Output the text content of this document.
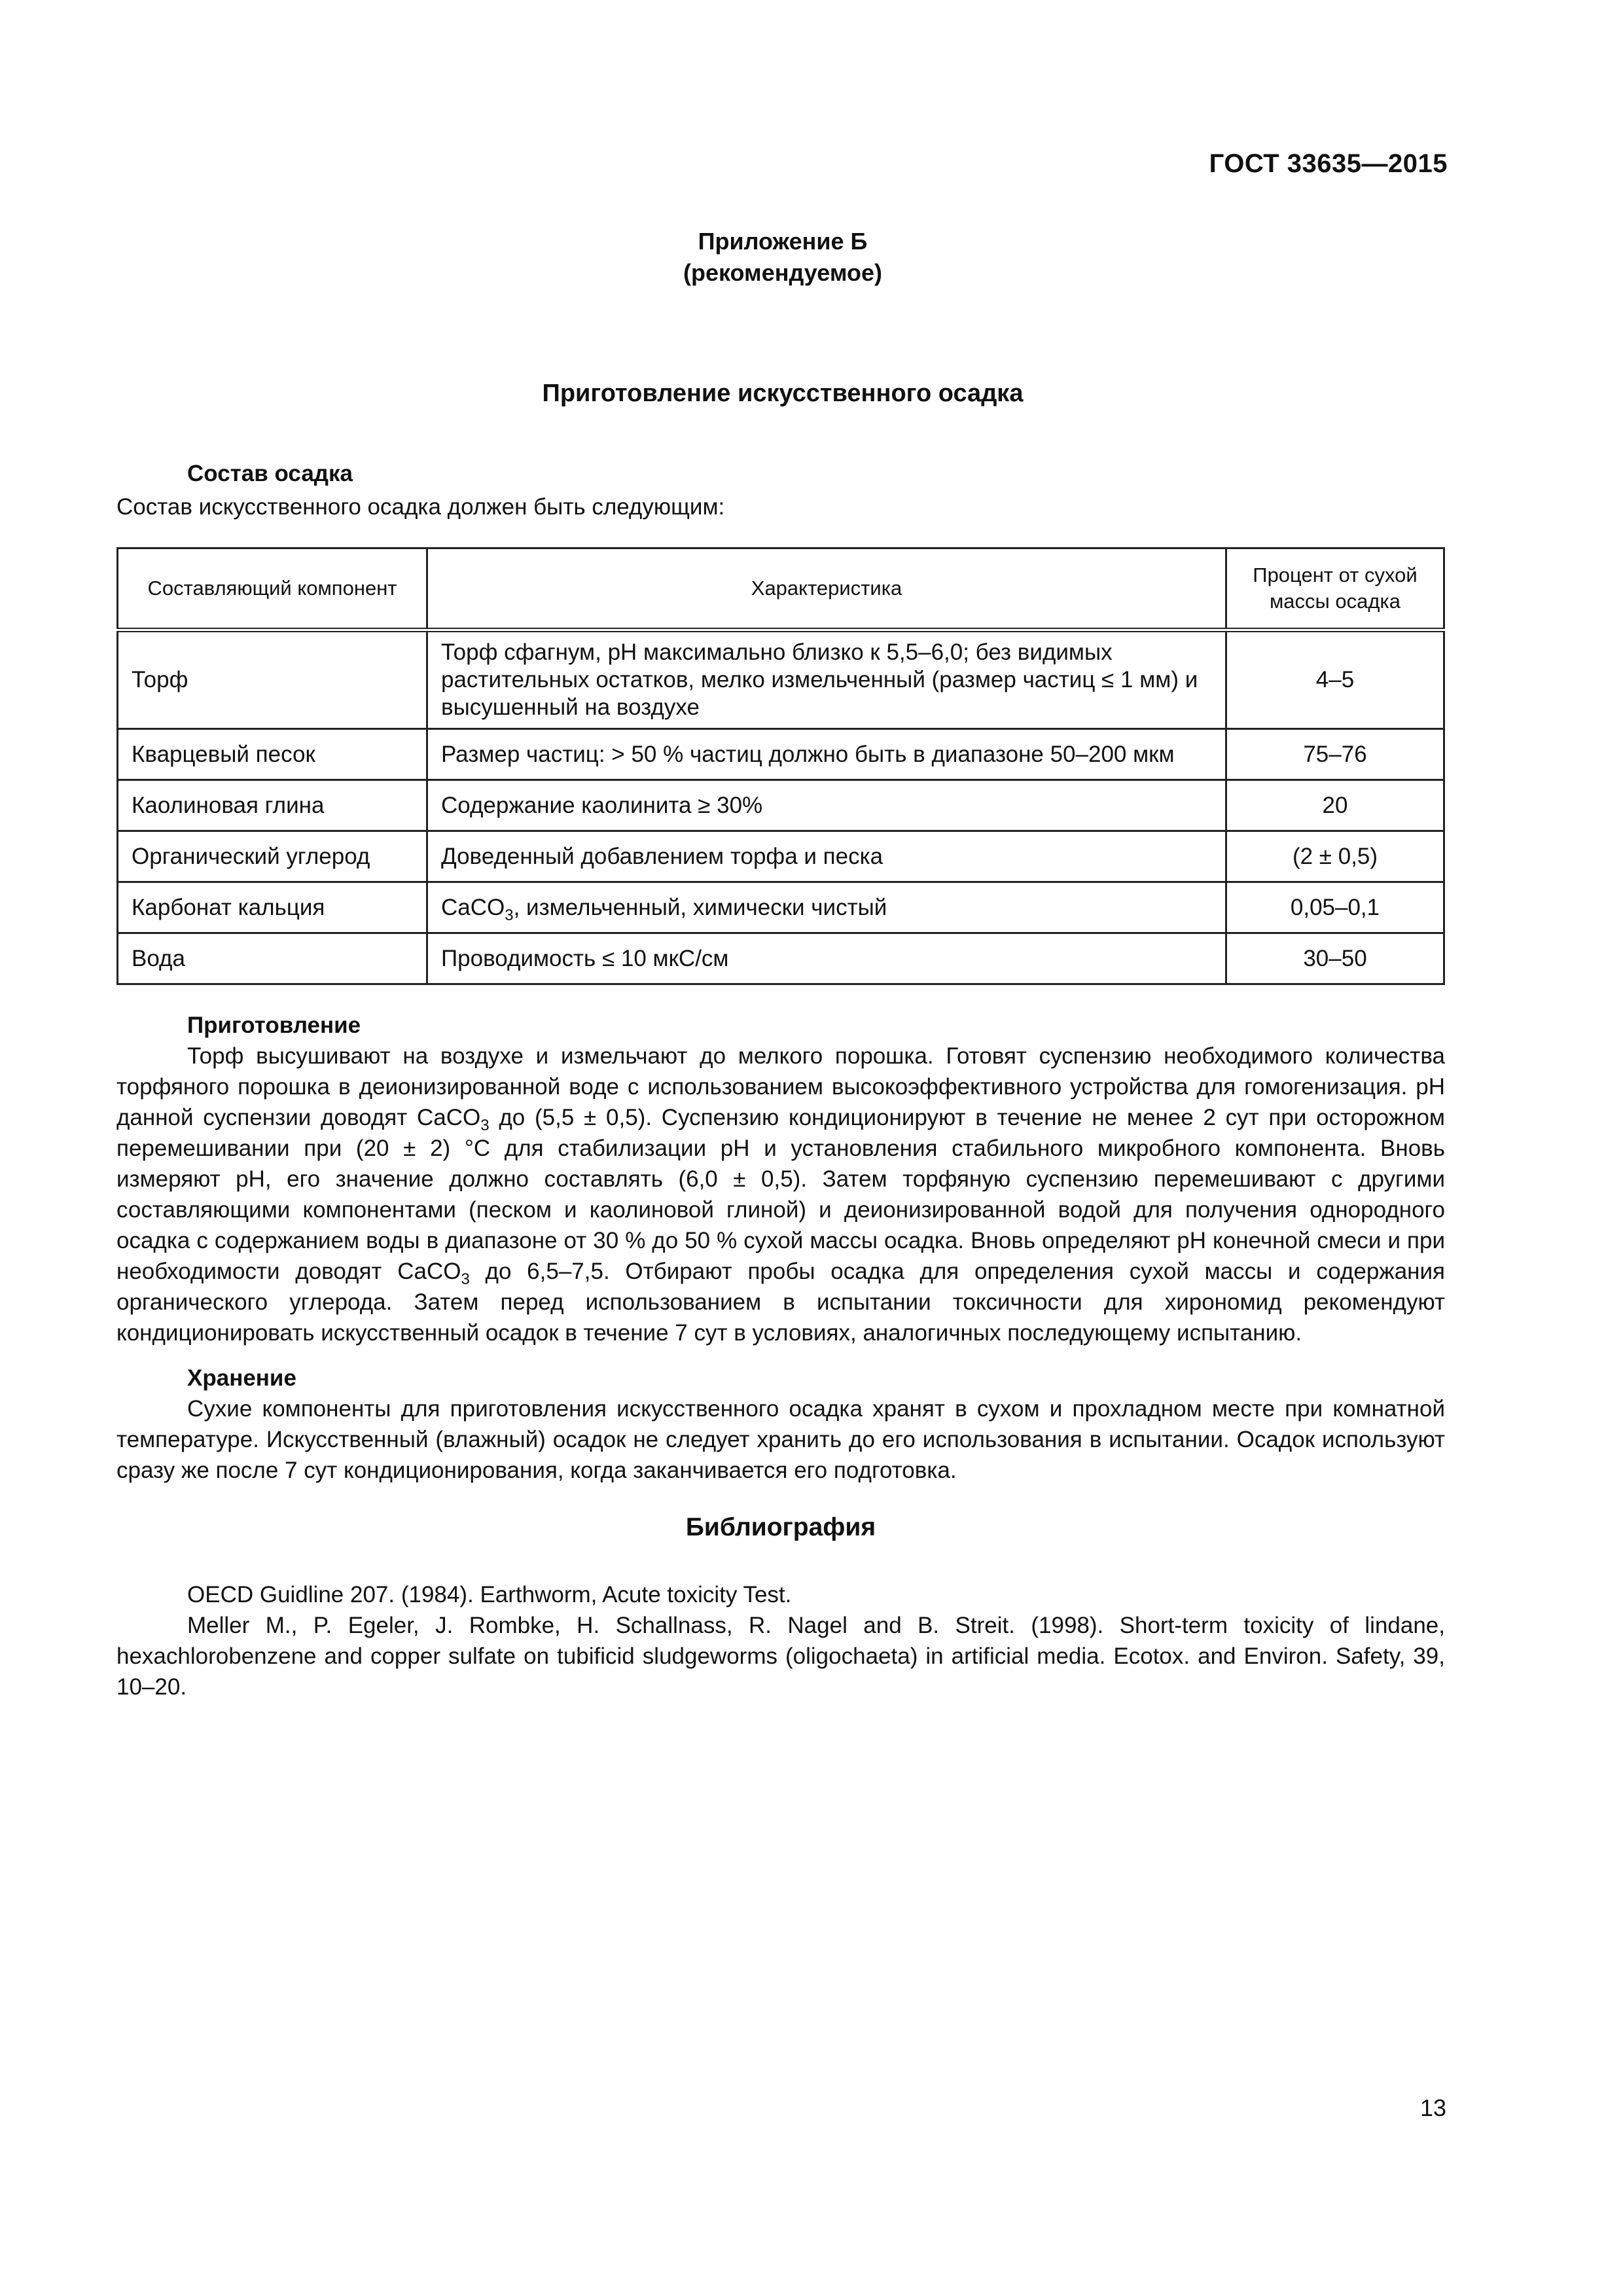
ГОСТ 33635—2015
Приложение Б
(рекомендуемое)
Приготовление искусственного осадка
Состав осадка
Состав искусственного осадка должен быть следующим:
Составляющий компонент	Характеристика	Процент от сухой массы осадка
Торф	Торф сфагнум, pH максимально близко к 5,5–6,0; без видимых растительных остатков, мелко измельченный (размер частиц ≤ 1 мм) и высушенный на воздухе	4–5
Кварцевый песок	Размер частиц: > 50 % частиц должно быть в диапазоне 50–200 мкм	75–76
Каолиновая глина	Содержание каолинита ≥ 30%	20
Органический углерод	Доведенный добавлением торфа и песка	(2 ± 0,5)
Карбонат кальция	CaCO$_3$, измельченный, химически чистый	0,05–0,1
Вода	Проводимость ≤ 10 мкС/см	30–50
Приготовление

Торф высушивают на воздухе и измельчают до мелкого порошка. Готовят суспензию необходимого количества торфяного порошка в деионизированной воде с использованием высокоэффективного устройства для гомогенизация. pH данной суспензии доводят CaCO$_3$ до (5,5 ± 0,5). Суспензию кондиционируют в течение не менее 2 сут при осторожном перемешивании при (20 ± 2) °С для стабилизации pH и установления стабильного микробного компонента. Вновь измеряют pH, его значение должно составлять (6,0 ± 0,5). Затем торфяную суспензию перемешивают с другими составляющими компонентами (песком и каолиновой глиной) и деионизированной водой для получения однородного осадка с содержанием воды в диапазоне от 30 % до 50 % сухой массы осадка. Вновь определяют pH конечной смеси и при необходимости доводят CaCO$_3$ до 6,5–7,5. Отбирают пробы осадка для определения сухой массы и содержания органического углерода. Затем перед использованием в испытании токсичности для хирономид рекомендуют кондиционировать искусственный осадок в течение 7 сут в условиях, аналогичных последующему испытанию.

Хранение

Сухие компоненты для приготовления искусственного осадка хранят в сухом и прохладном месте при комнатной температуре. Искусственный (влажный) осадок не следует хранить до его использования в испытании. Осадок используют сразу же после 7 сут кондиционирования, когда заканчивается его подготовка.

Библиография

OECD Guidline 207. (1984). Earthworm, Acute toxicity Test.

Meller M., P. Egeler, J. Rombke, H. Schallnass, R. Nagel and B. Streit. (1998). Short-term toxicity of lindane, hexachlorobenzene and copper sulfate on tubificid sludgeworms (oligochaeta) in artificial media. Ecotox. and Environ. Safety, 39, 10–20.

13
